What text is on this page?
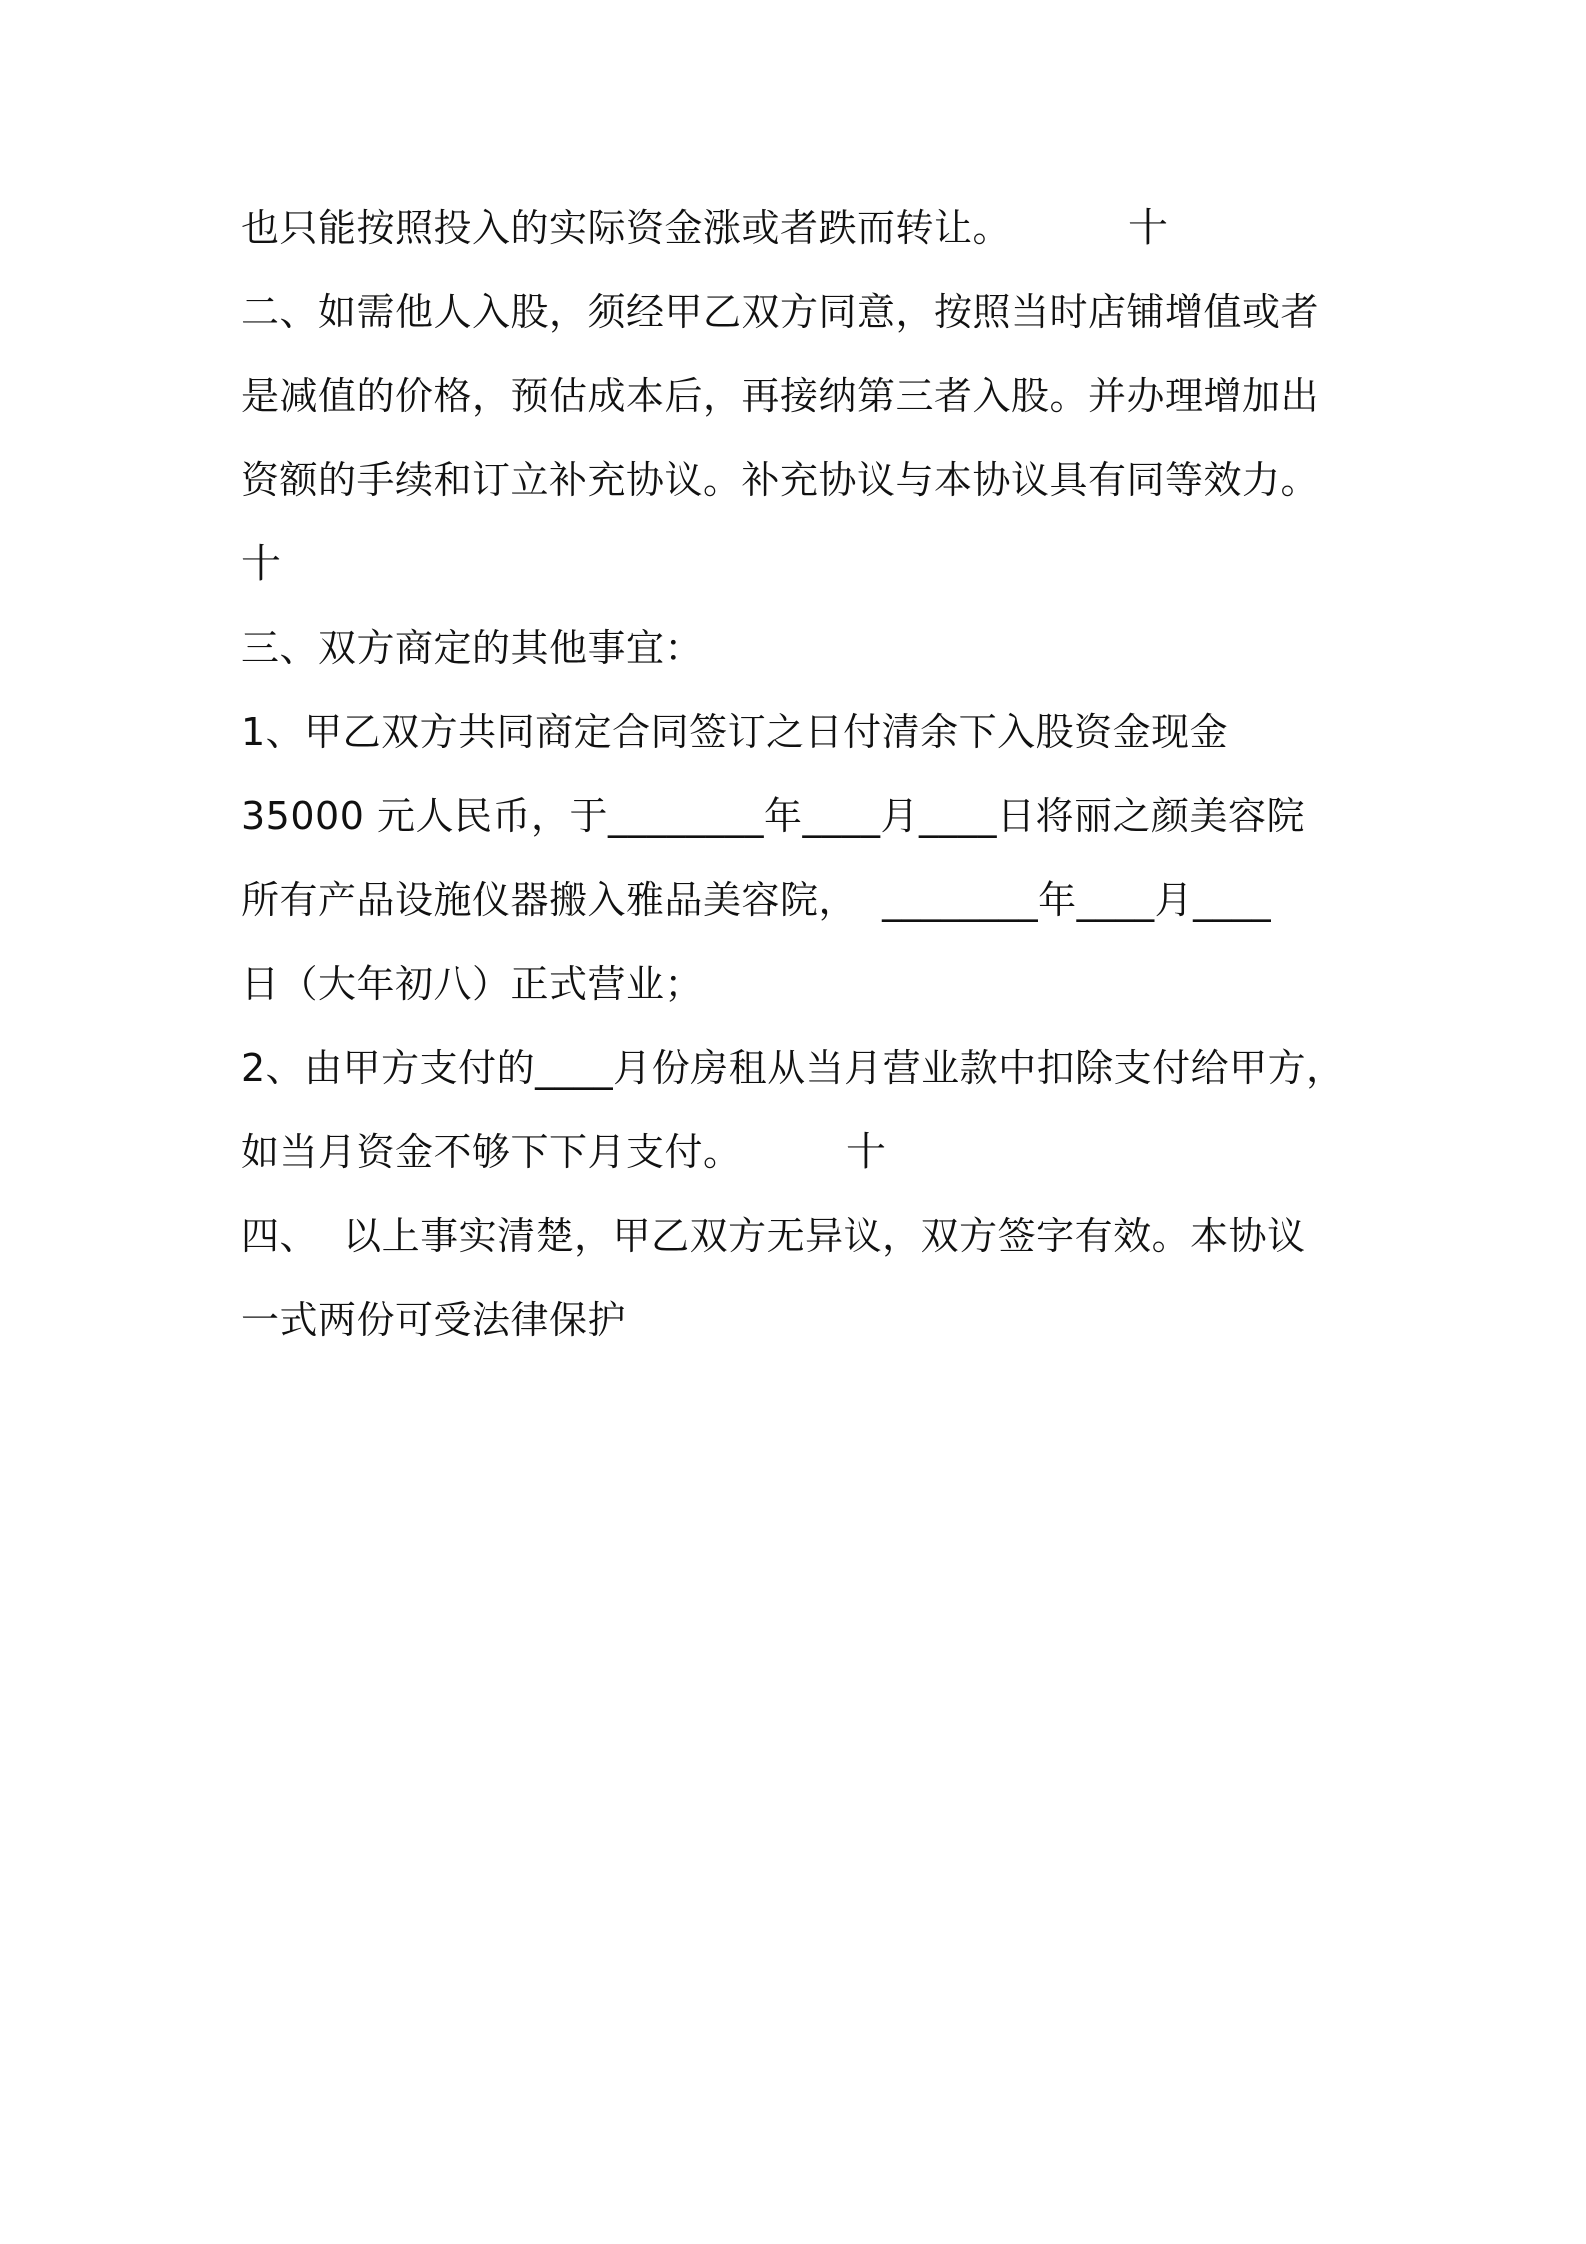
也只能按照投入的实际资金涨或者跌而转让。	十
二、如需他人入股，须经甲乙双方同意，按照当时店铺增值或者
是减值的价格，预估成本后，再接纳第三者入股。并办理增加出
资额的手续和订立补充协议。补充协议与本协议具有同等效力。
十
三、双方商定的其他事宜：
1、甲乙双方共同商定合同签订之日付清余下入股资金现金
35000 元人民币，于________年____月____日将丽之颜美容院
所有产品设施仪器搬入雅品美容院，  ________年____月____
日（大年初八）正式营业；
2、由甲方支付的____月份房租从当月营业款中扣除支付给甲方，
如当月资金不够下下月支付。	十
四、  以上事实清楚，甲乙双方无异议，双方签字有效。本协议
一式两份可受法律保护
